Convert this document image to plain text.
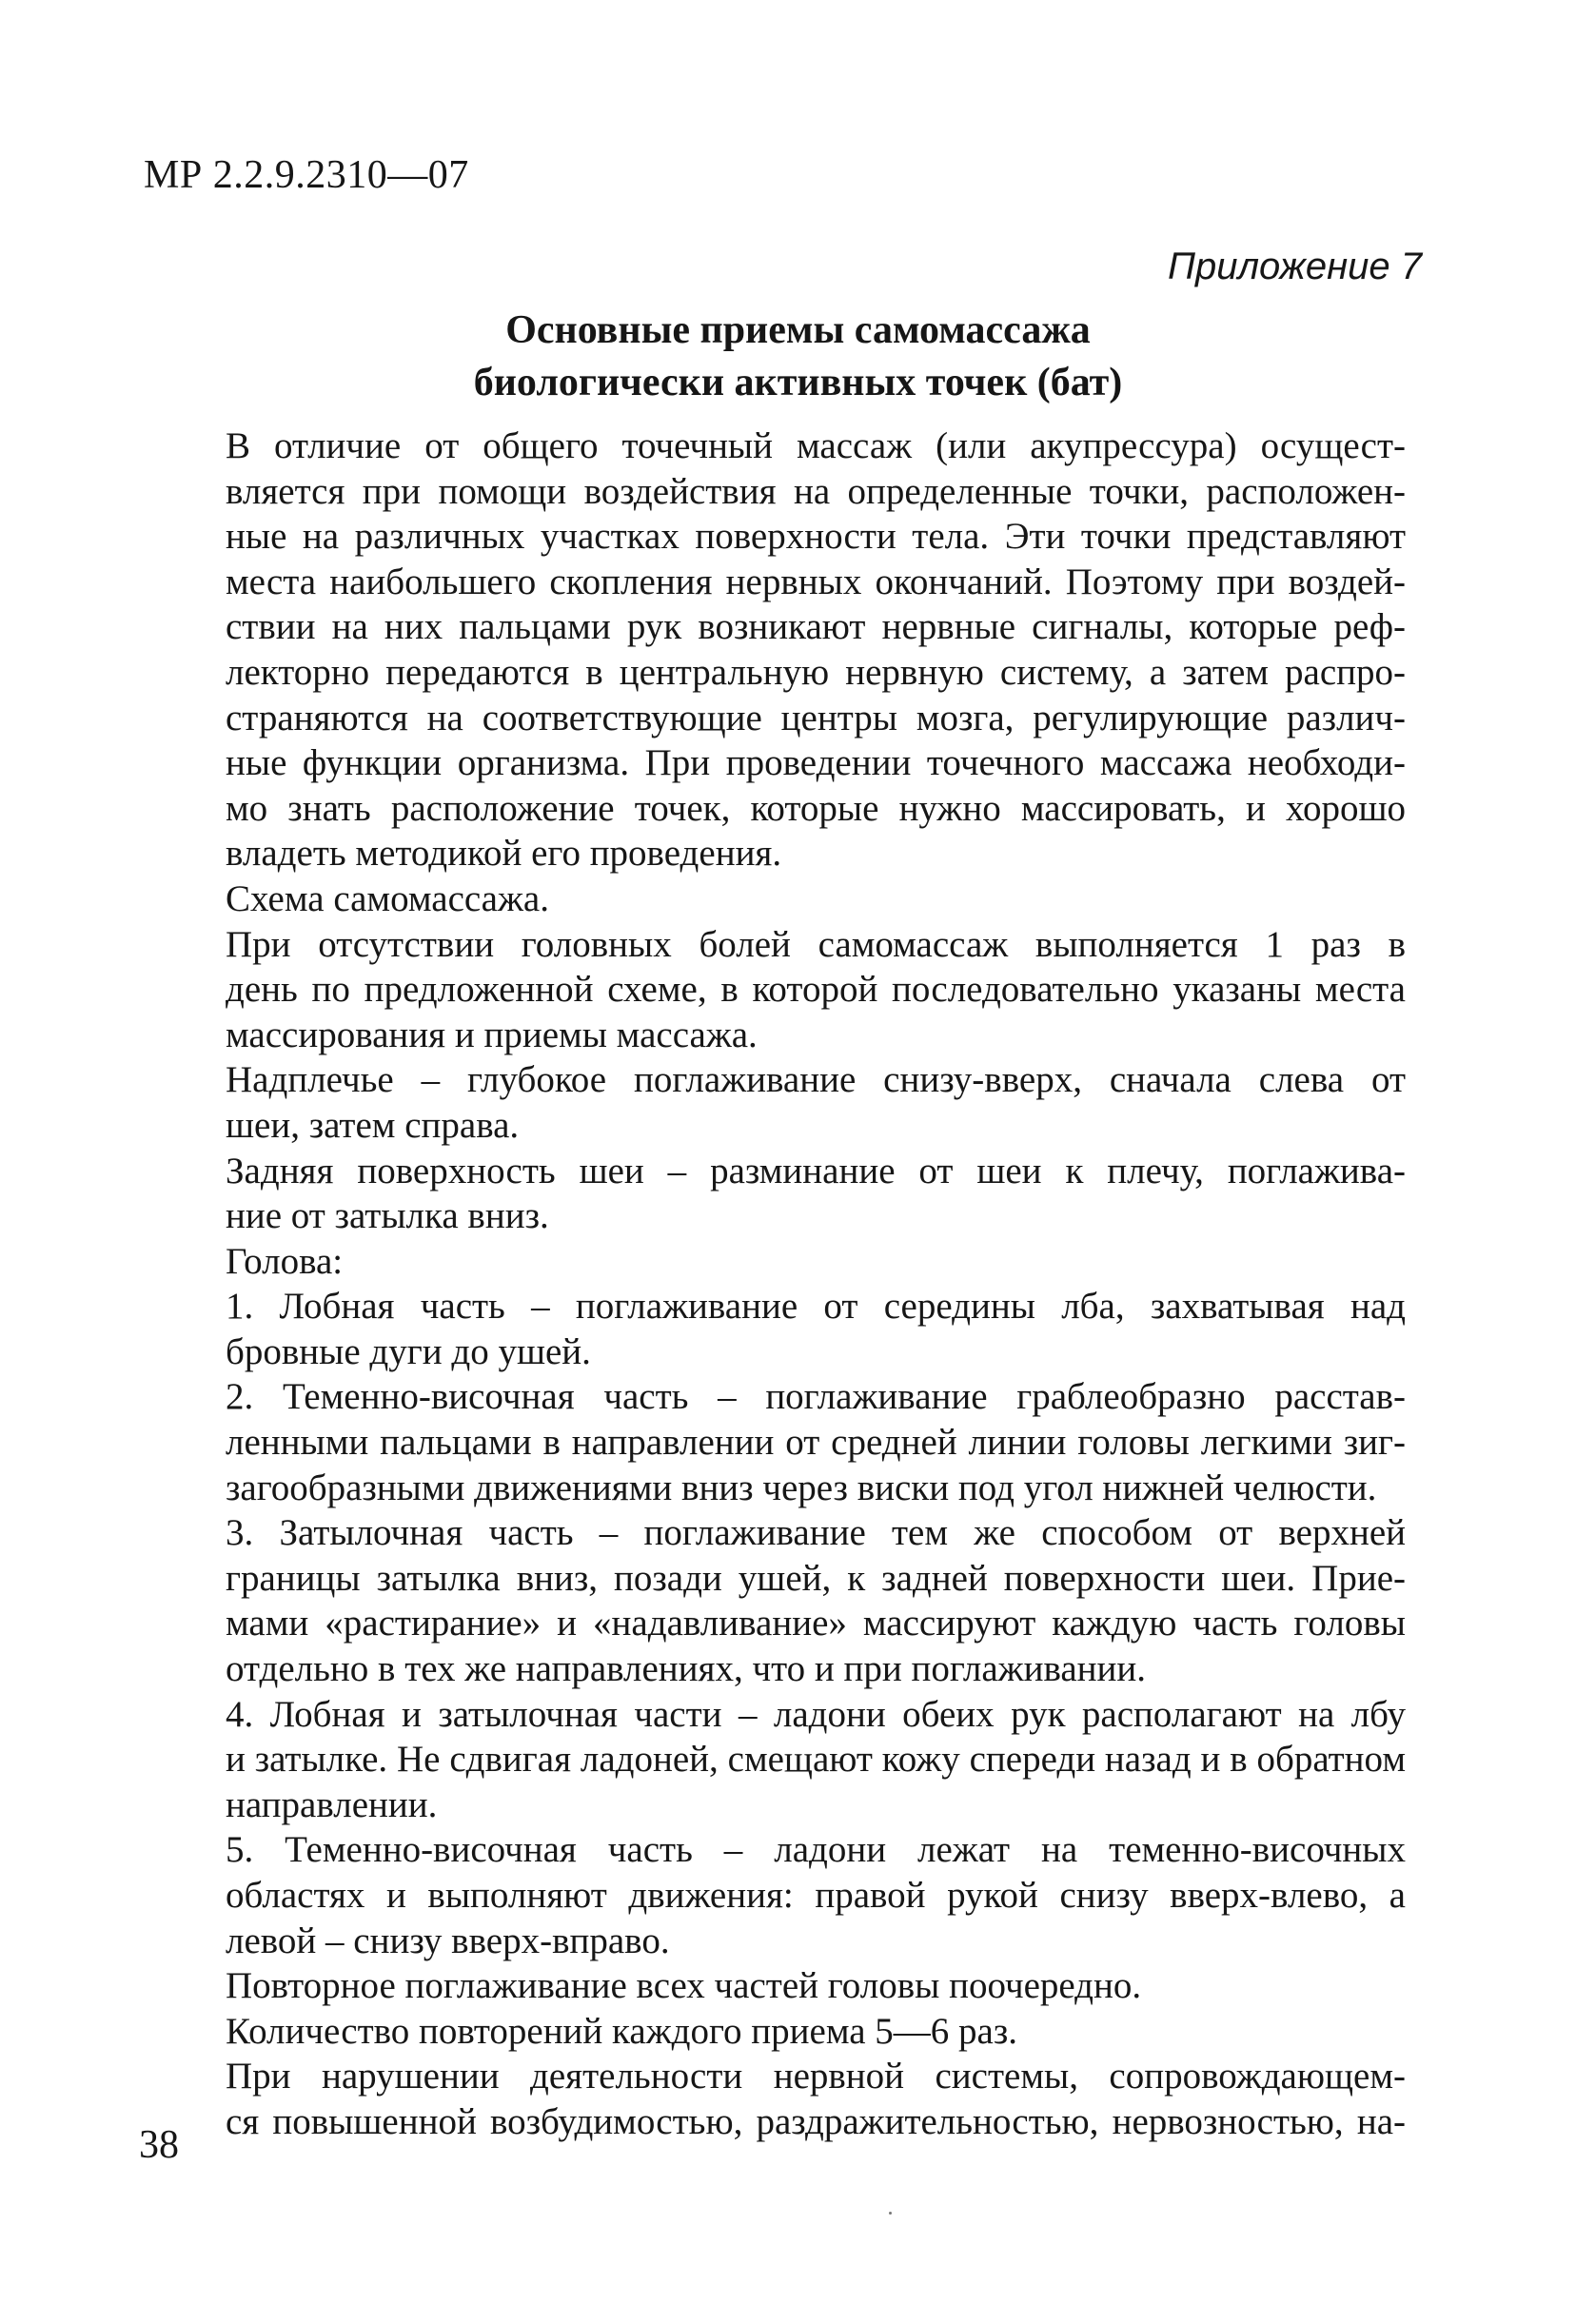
МР 2.2.9.2310—07
Приложение 7
Основные приемы самомассажа
биологически активных точек (бат)
В отличие от общего точечный массаж (или акупрессура) осущест-
вляется при помощи воздействия на определенные точки, расположен-
ные на различных участках поверхности тела. Эти точки представляют
места наибольшего скопления нервных окончаний. Поэтому при воздей-
ствии на них пальцами рук возникают нервные сигналы, которые реф-
лекторно передаются в центральную нервную систему, а затем распро-
страняются на соответствующие центры мозга, регулирующие различ-
ные функции организма. При проведении точечного массажа необходи-
мо знать расположение точек, которые нужно массировать, и хорошо
владеть методикой его проведения.
Схема самомассажа.
При отсутствии головных болей самомассаж выполняется 1 раз в
день по предложенной схеме, в которой последовательно указаны места
массирования и приемы массажа.
Надплечье – глубокое поглаживание снизу-вверх, сначала слева от
шеи, затем справа.
Задняя поверхность шеи – разминание от шеи к плечу, поглажива-
ние от затылка вниз.
Голова:
1. Лобная часть – поглаживание от середины лба, захватывая над
бровные дуги до ушей.
2. Теменно-височная часть – поглаживание граблеобразно расстав-
ленными пальцами в направлении от средней линии головы легкими зиг-
загообразными движениями вниз через виски под угол нижней челюсти.
3. Затылочная часть – поглаживание тем же способом от верхней
границы затылка вниз, позади ушей, к задней поверхности шеи. Прие-
мами «растирание» и «надавливание» массируют каждую часть головы
отдельно в тех же направлениях, что и при поглаживании.
4. Лобная и затылочная части – ладони обеих рук располагают на лбу
и затылке. Не сдвигая ладоней, смещают кожу спереди назад и в обратном
направлении.
5. Теменно-височная часть – ладони лежат на теменно-височных
областях и выполняют движения: правой рукой снизу вверх-влево, а
левой – снизу вверх-вправо.
Повторное поглаживание всех частей головы поочередно.
Количество повторений каждого приема 5—6 раз.
При нарушении деятельности нервной системы, сопровождающем-
ся повышенной возбудимостью, раздражительностью, нервозностью, на-
38
